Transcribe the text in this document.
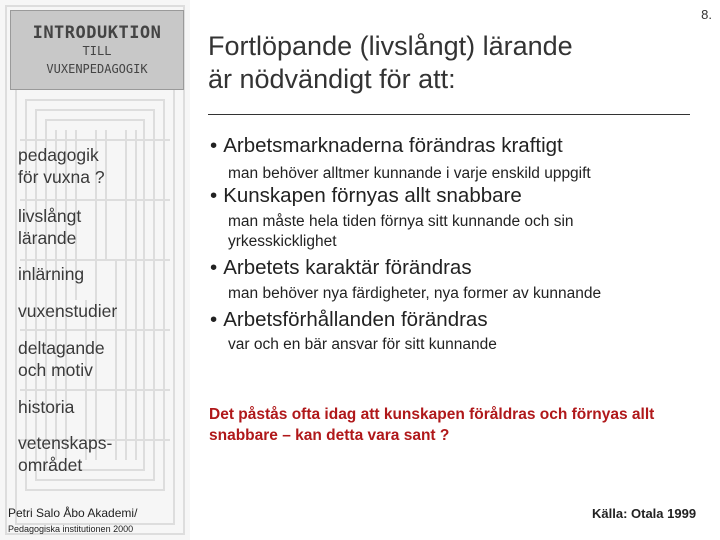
INTRODUKTION
TILL
VUXENPEDAGOGIK
pedagogik
för vuxna ?
livslångt
lärande
inlärning
vuxenstudier
deltagande
och motiv
historia
vetenskaps-
området
Petri Salo Åbo Akademi/
Pedagogiska institutionen 2000
8.
Fortlöpande (livslångt) lärande
är nödvändigt för att:
• Arbetsmarknaderna förändras kraftigt
man behöver alltmer kunnande i varje enskild uppgift
• Kunskapen förnyas allt snabbare
man måste hela tiden förnya sitt kunnande och sin yrkesskicklighet
• Arbetets karaktär förändras
man behöver nya färdigheter, nya former av kunnande
• Arbetsförhållanden förändras
var och en bär ansvar för sitt kunnande
Det påstås ofta idag att kunskapen föråldras och förnyas allt snabbare – kan detta vara sant ?
Källa: Otala 1999
